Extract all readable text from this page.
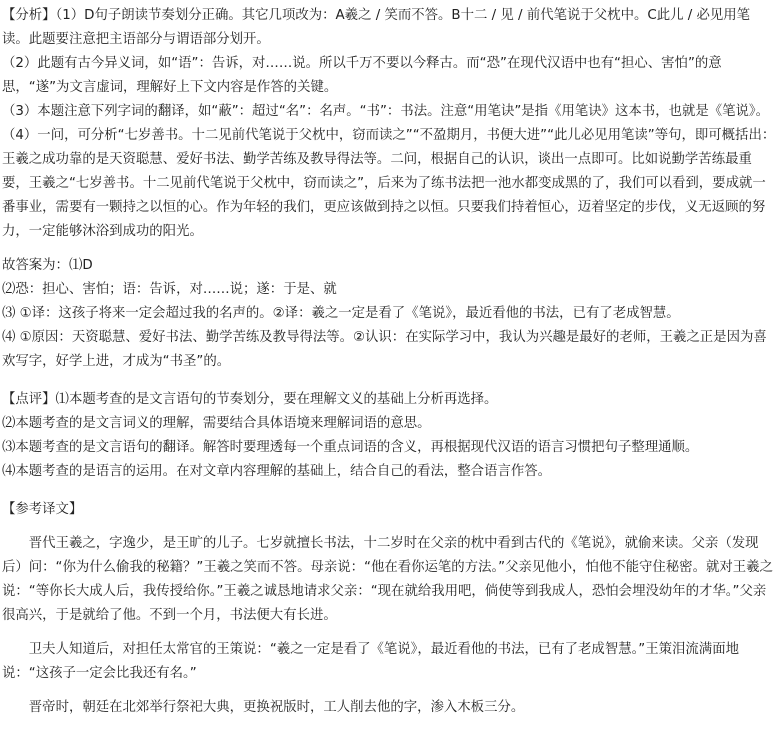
【分析】（1）D句子朗读节奏划分正确。其它几项改为：A羲之 / 笑而不答。B十二 / 见 / 前代笔说于父枕中。C此儿 / 必见用笔读。此题要注意把主语部分与谓语部分划开。

（2）此题有古今异义词，如“语”：告诉，对……说。所以千万不要以今释古。而“恐”在现代汉语中也有“担心、害怕”的意思，“遂”为文言虚词，理解好上下文内容是作答的关键。

（3）本题注意下列字词的翻译，如“蔽”：超过“名”：名声。“书”：书法。注意“用笔诀”是指《用笔诀》这本书，也就是《笔说》。

（4）一问，可分析“七岁善书。十二见前代笔说于父枕中，窃而读之”“不盈期月，书便大进”“此儿必见用笔读”等句，即可概括出：王羲之成功靠的是天资聪慧、爱好书法、勤学苦练及教导得法等。二问，根据自己的认识，谈出一点即可。比如说勤学苦练最重要，王羲之“七岁善书。十二见前代笔说于父枕中，窃而读之”，后来为了练书法把一池水都变成黑的了，我们可以看到，要成就一番事业，需要有一颗持之以恒的心。作为年轻的我们，更应该做到持之以恒。只要我们持着恒心，迈着坚定的步伐，义无返顾的努力，一定能够沐浴到成功的阳光。

故答案为：⑴D

⑵恐：担心、害怕；语：告诉，对……说；遂：于是、就

⑶ ①译：这孩子将来一定会超过我的名声的。②译：羲之一定是看了《笔说》，最近看他的书法，已有了老成智慧。

⑷ ①原因：天资聪慧、爱好书法、勤学苦练及教导得法等。②认识：在实际学习中，我认为兴趣是最好的老师，王羲之正是因为喜欢写字，好学上进，才成为“书圣”的。

【点评】⑴本题考查的是文言语句的节奏划分，要在理解文义的基础上分析再选择。

⑵本题考查的是文言词义的理解，需要结合具体语境来理解词语的意思。

⑶本题考查的是文言语句的翻译。解答时要理透每一个重点词语的含义，再根据现代汉语的语言习惯把句子整理通顺。

⑷本题考查的是语言的运用。在对文章内容理解的基础上，结合自己的看法，整合语言作答。

【参考译文】

晋代王羲之，字逸少，是王旷的儿子。七岁就擅长书法，十二岁时在父亲的枕中看到古代的《笔说》，就偷来读。父亲（发现后）问：“你为什么偷我的秘籍？”王羲之笑而不答。母亲说：“他在看你运笔的方法。”父亲见他小，怕他不能守住秘密。就对王羲之说：“等你长大成人后，我传授给你。”王羲之诚恳地请求父亲：“现在就给我用吧，倘使等到我成人，恐怕会埋没幼年的才华。”父亲很高兴，于是就给了他。不到一个月，书法便大有长进。

卫夫人知道后，对担任太常官的王策说：“羲之一定是看了《笔说》，最近看他的书法，已有了老成智慧。”王策泪流满面地说：“这孩子一定会比我还有名。”

晋帝时，朝廷在北郊举行祭祀大典，更换祝版时，工人削去他的字，渗入木板三分。
